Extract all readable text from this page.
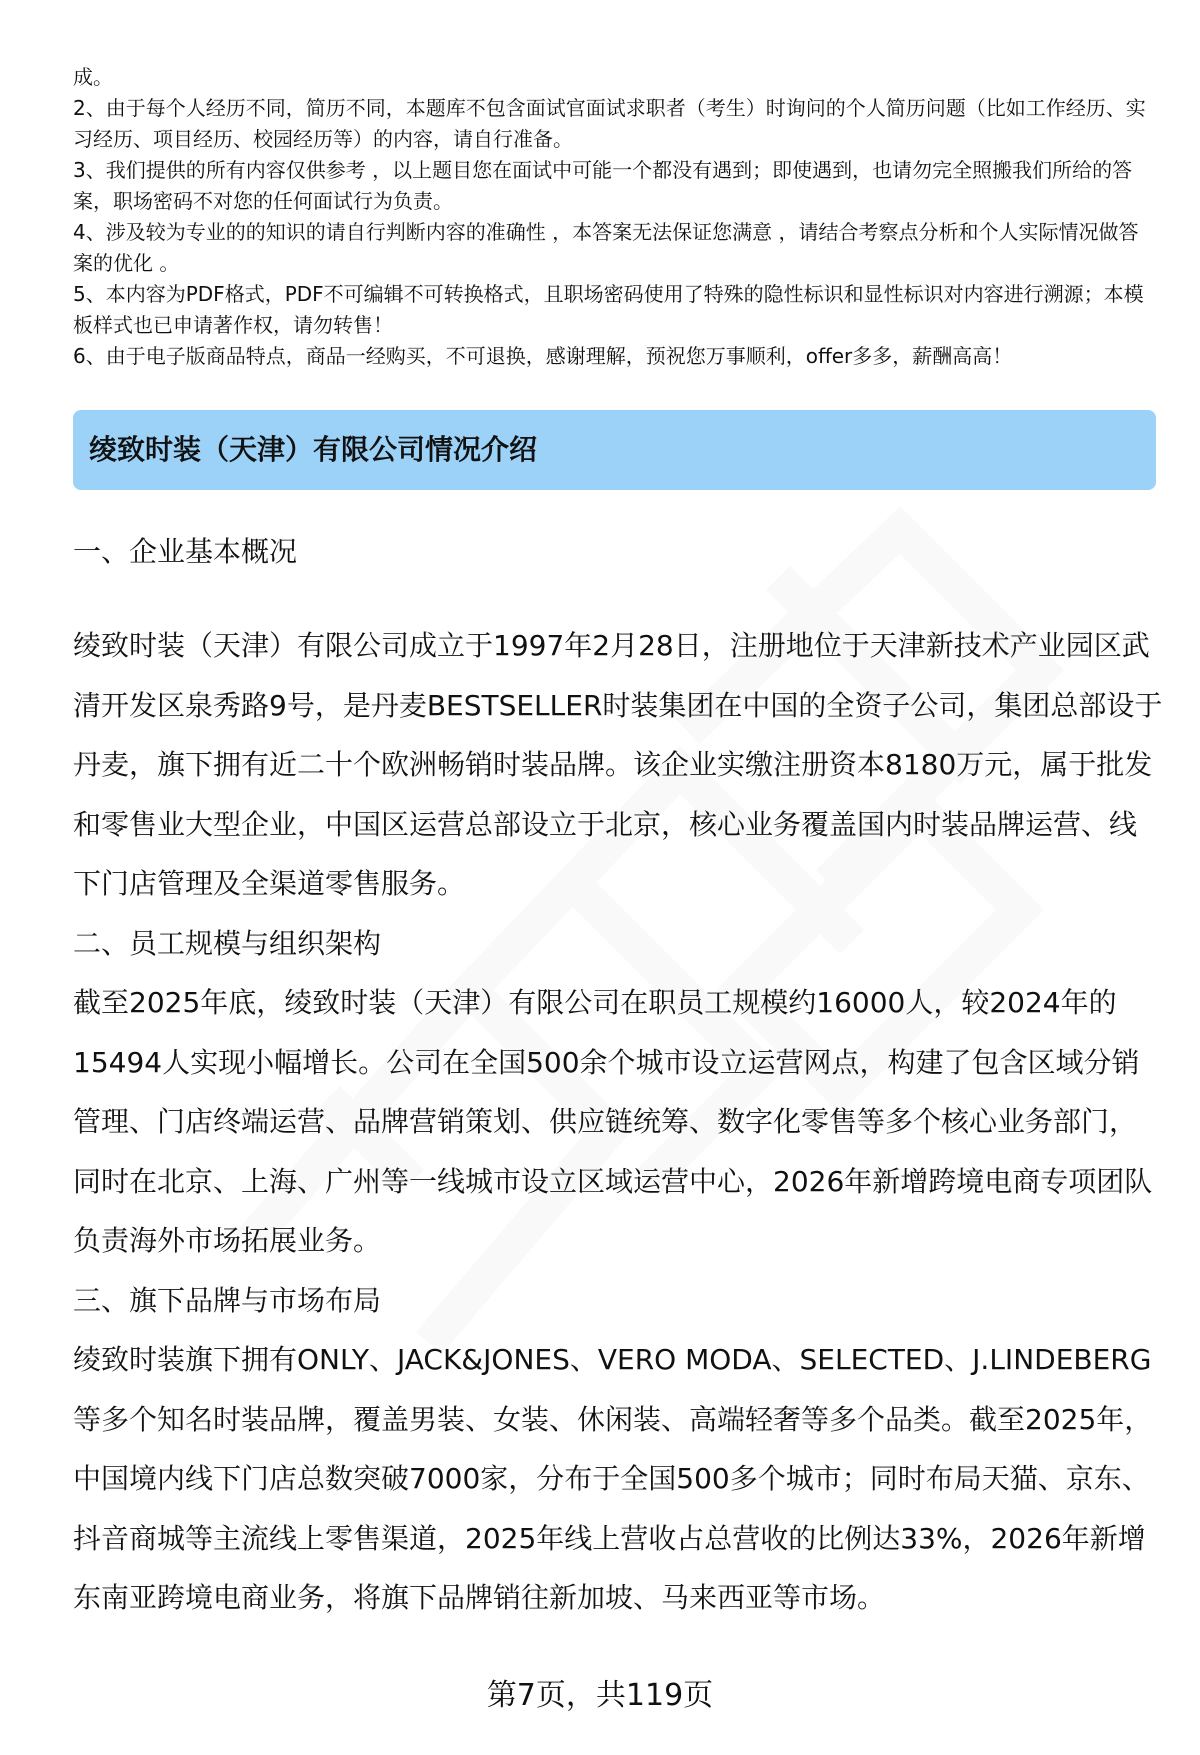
成。

2、由于每个人经历不同，简历不同，本题库不包含面试官面试求职者（考生）时询问的个人简历问题（比如工作经历、实习经历、项目经历、校园经历等）的内容，请自行准备。

3、我们提供的所有内容仅供参考 ，以上题目您在面试中可能一个都没有遇到；即使遇到，也请勿完全照搬我们所给的答案，职场密码不对您的任何面试行为负责。

4、涉及较为专业的的知识的请自行判断内容的准确性 ，本答案无法保证您满意 ，请结合考察点分析和个人实际情况做答案的优化 。

5、本内容为PDF格式，PDF不可编辑不可转换格式，且职场密码使用了特殊的隐性标识和显性标识对内容进行溯源；本模板样式也已申请著作权，请勿转售！

6、由于电子版商品特点，商品一经购买，不可退换，感谢理解，预祝您万事顺利，offer多多，薪酬高高！

绫致时装（天津）有限公司情况介绍
一、企业基本概况

绫致时装（天津）有限公司成立于1997年2月28日，注册地位于天津新技术产业园区武清开发区泉秀路9号，是丹麦BESTSELLER时装集团在中国的全资子公司，集团总部设于丹麦，旗下拥有近二十个欧洲畅销时装品牌。该企业实缴注册资本8180万元，属于批发和零售业大型企业，中国区运营总部设立于北京，核心业务覆盖国内时装品牌运营、线下门店管理及全渠道零售服务。

二、员工规模与组织架构

截至2025年底，绫致时装（天津）有限公司在职员工规模约16000人，较2024年的15494人实现小幅增长。公司在全国500余个城市设立运营网点，构建了包含区域分销管理、门店终端运营、品牌营销策划、供应链统筹、数字化零售等多个核心业务部门，同时在北京、上海、广州等一线城市设立区域运营中心，2026年新增跨境电商专项团队负责海外市场拓展业务。

三、旗下品牌与市场布局

绫致时装旗下拥有ONLY、JACK&JONES、VERO MODA、SELECTED、J.LINDEBERG等多个知名时装品牌，覆盖男装、女装、休闲装、高端轻奢等多个品类。截至2025年，中国境内线下门店总数突破7000家，分布于全国500多个城市；同时布局天猫、京东、抖音商城等主流线上零售渠道，2025年线上营收占总营收的比例达33%，2026年新增东南亚跨境电商业务，将旗下品牌销往新加坡、马来西亚等市场。

第7页，共119页
